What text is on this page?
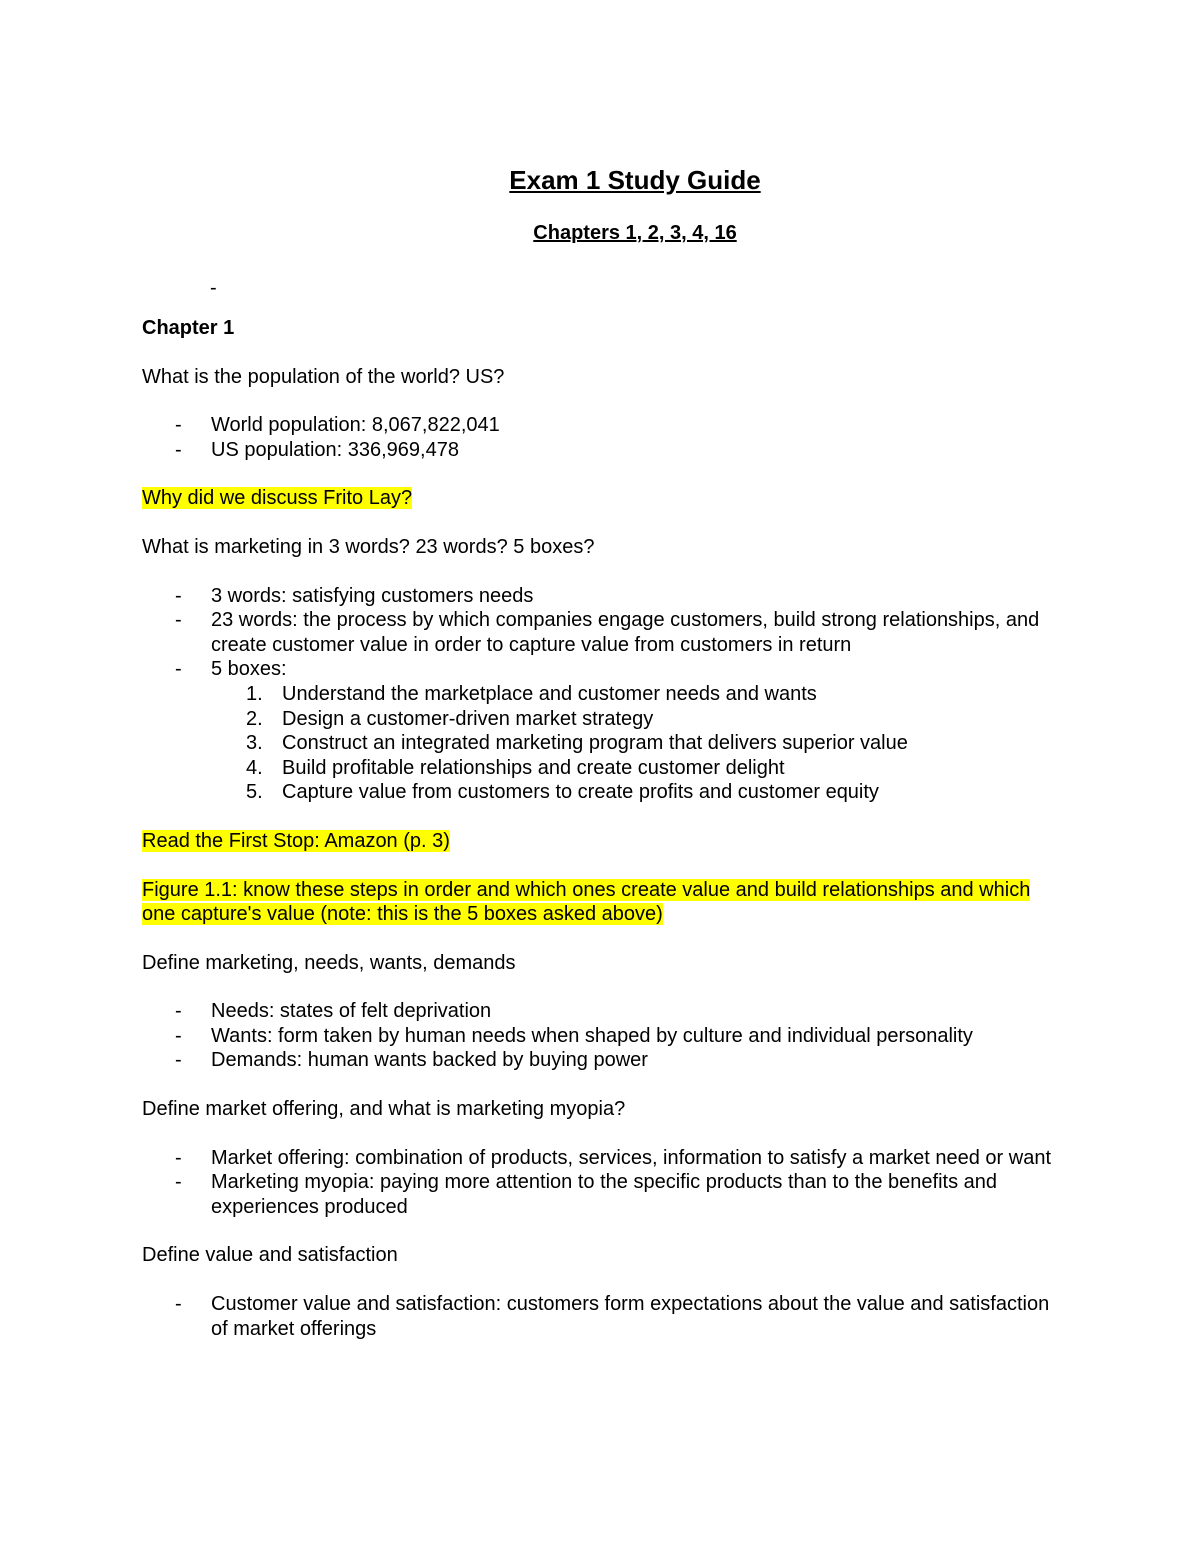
Exam 1 Study Guide
Chapters 1, 2, 3, 4, 16
-
Chapter 1
What is the population of the world? US?
- World population: 8,067,822,041
- US population: 336,969,478
Why did we discuss Frito Lay?
What is marketing in 3 words? 23 words? 5 boxes?
- 3 words: satisfying customers needs
- 23 words: the process by which companies engage customers, build strong relationships, and create customer value in order to capture value from customers in return
- 5 boxes:
1. Understand the marketplace and customer needs and wants
2. Design a customer-driven market strategy
3. Construct an integrated marketing program that delivers superior value
4. Build profitable relationships and create customer delight
5. Capture value from customers to create profits and customer equity
Read the First Stop: Amazon (p. 3)
Figure 1.1: know these steps in order and which ones create value and build relationships and which one capture's value (note: this is the 5 boxes asked above)
Define marketing, needs, wants, demands
- Needs: states of felt deprivation
- Wants: form taken by human needs when shaped by culture and individual personality
- Demands: human wants backed by buying power
Define market offering, and what is marketing myopia?
- Market offering: combination of products, services, information to satisfy a market need or want
- Marketing myopia: paying more attention to the specific products than to the benefits and experiences produced
Define value and satisfaction
- Customer value and satisfaction: customers form expectations about the value and satisfaction of market offerings
